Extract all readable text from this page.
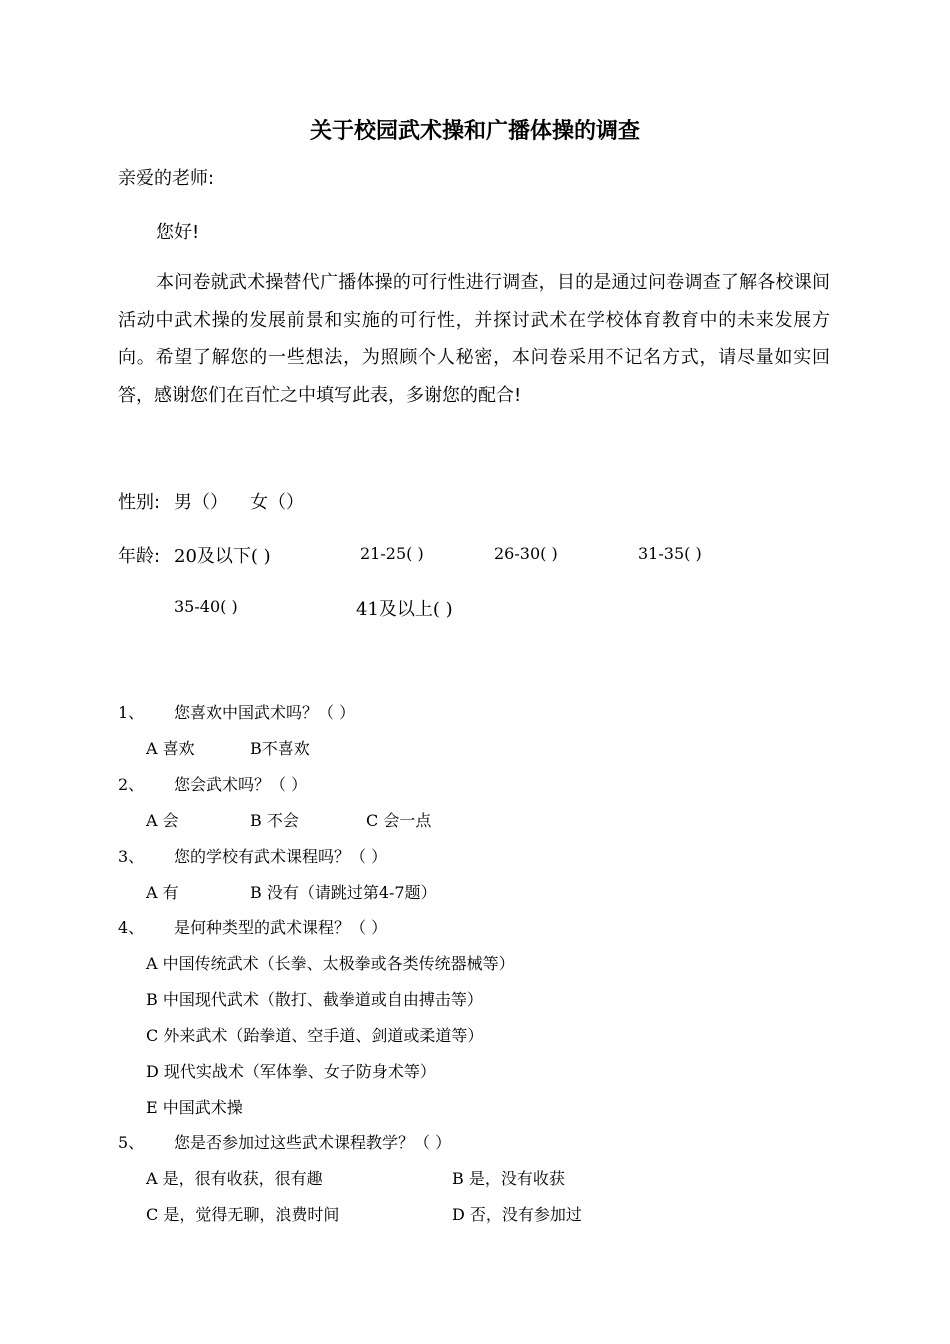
关于校园武术操和广播体操的调查
亲爱的老师:
您好!
本问卷就武术操替代广播体操的可行性进行调查，目的是通过问卷调查了解各校课间活动中武术操的发展前景和实施的可行性，并探讨武术在学校体育教育中的未来发展方向。希望了解您的一些想法，为照顾个人秘密，本问卷采用不记名方式，请尽量如实回答，感谢您们在百忙之中填写此表，多谢您的配合!
性别: 男（） 女（）
年龄: 20及以下( )	21-25( )	26-30( )	31-35( )
35-40( )	41及以上( )
1、 您喜欢中国武术吗？（ ）
A 喜欢	B不喜欢
2、 您会武术吗？（ ）
A 会	B 不会	C 会一点
3、 您的学校有武术课程吗？（ ）
A 有	B 没有（请跳过第4-7题）
4、 是何种类型的武术课程？（ ）
A 中国传统武术（长拳、太极拳或各类传统器械等）
B 中国现代武术（散打、截拳道或自由搏击等）
C 外来武术（跆拳道、空手道、剑道或柔道等）
D 现代实战术（军体拳、女子防身术等）
E 中国武术操
5、 您是否参加过这些武术课程教学？（ ）
A 是，很有收获，很有趣	B 是，没有收获
C 是，觉得无聊，浪费时间	D 否，没有参加过
